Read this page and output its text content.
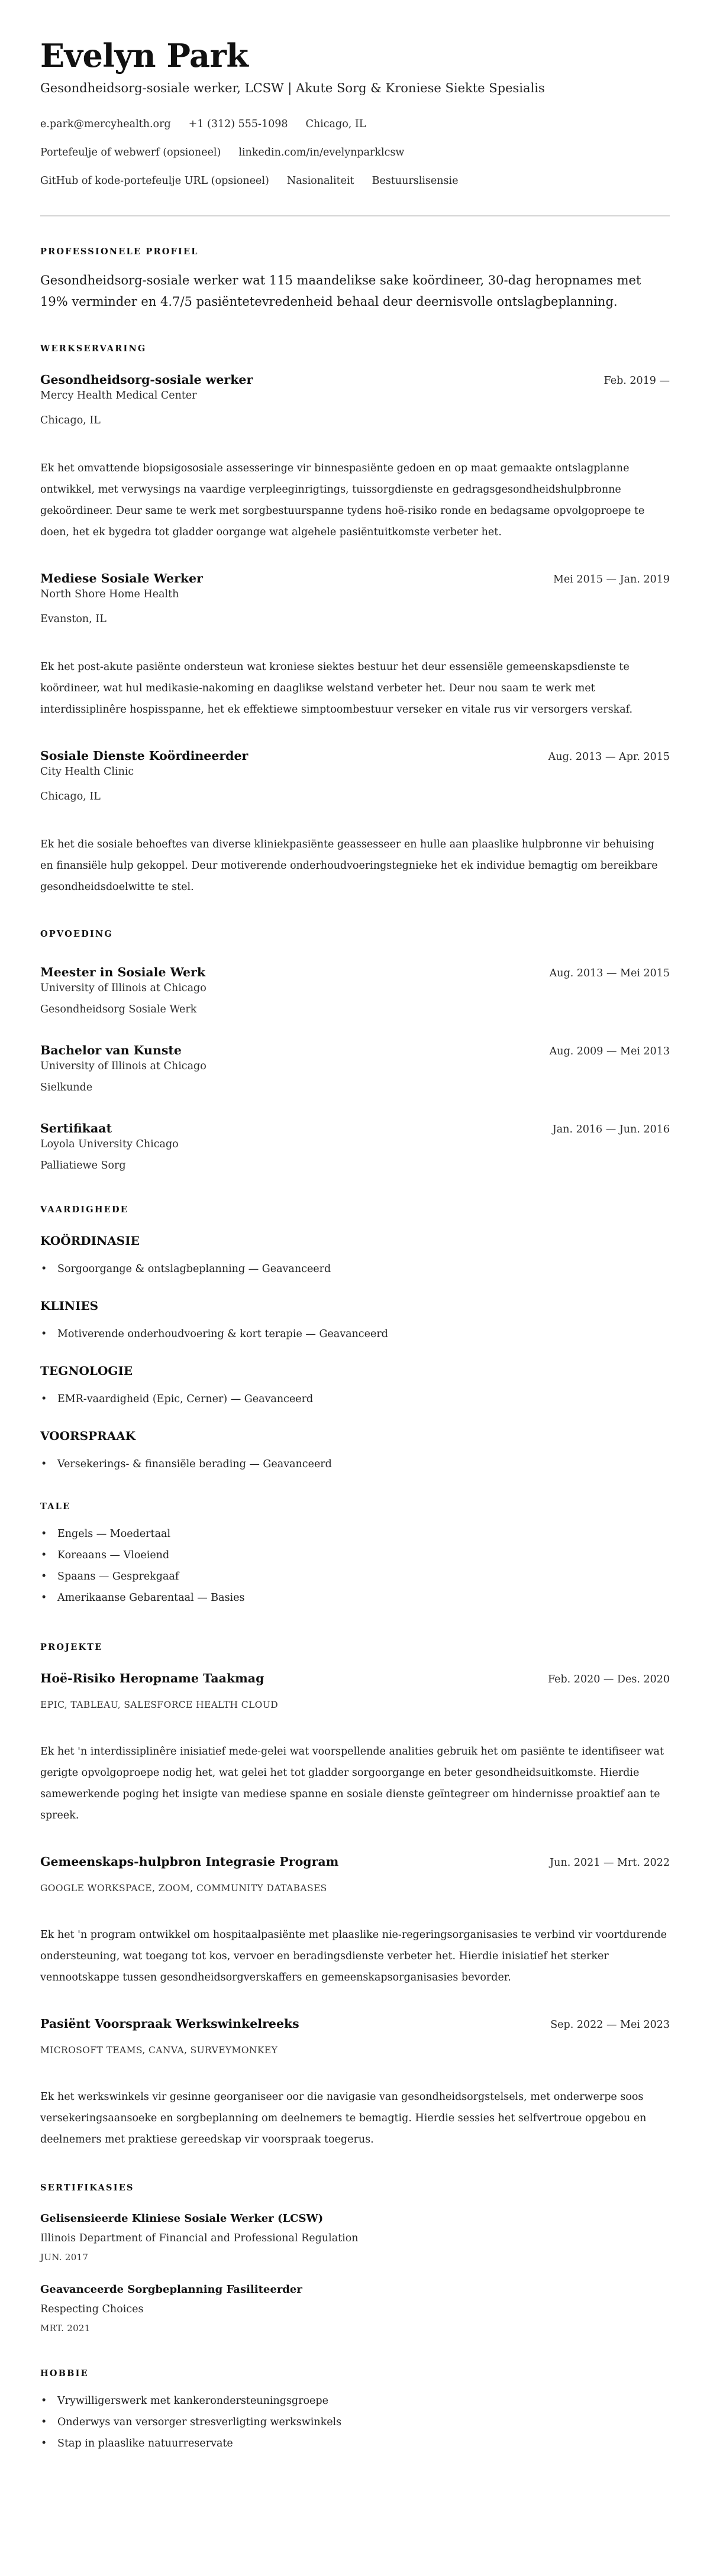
Evelyn Park
Gesondheidsorg-sosiale werker, LCSW | Akute Sorg & Kroniese Siekte Spesialis
e.park@mercyhealth.org +1 (312) 555-1098 Chicago, IL
Portefeulje of webwerf (opsioneel) linkedin.com/in/evelynparklcsw
GitHub of kode-portefeulje URL (opsioneel) Nasionaliteit Bestuurslisensie
PROFESSIONELE PROFIEL

Gesondheidsorg-sosiale werker wat 115 maandelikse sake koördineer, 30-dag heropnames met 19% verminder en 4.7/5 pasiëntetevredenheid behaal deur deernisvolle ontslagbeplanning.

WERKSERVARING
Gesondheidsorg-sosiale werker	Feb. 2019 —
Mercy Health Medical Center
Chicago, IL

Ek het omvattende biopsigososiale assesseringe vir binnespasiënte gedoen en op maat gemaakte ontslagplanne ontwikkel, met verwysings na vaardige verpleeginrigtings, tuissorgdienste en gedragsgesondheidshulpbronne gekoördineer. Deur same te werk met sorgbestuurspanne tydens hoë-risiko ronde en bedagsame opvolgoproepe te doen, het ek bygedra tot gladder oorgange wat algehele pasiëntuitkomste verbeter het.

Mediese Sosiale Werker	Mei 2015 — Jan. 2019
North Shore Home Health
Evanston, IL

Ek het post-akute pasiënte ondersteun wat kroniese siektes bestuur het deur essensiële gemeenskapsdienste te koördineer, wat hul medikasie-nakoming en daaglikse welstand verbeter het. Deur nou saam te werk met interdissiplinêre hospisspanne, het ek effektiewe simptoombestuur verseker en vitale rus vir versorgers verskaf.

Sosiale Dienste Koördineerder	Aug. 2013 — Apr. 2015
City Health Clinic
Chicago, IL

Ek het die sosiale behoeftes van diverse kliniekpasiënte geassesseer en hulle aan plaaslike hulpbronne vir behuising en finansiële hulp gekoppel. Deur motiverende onderhoudvoeringstegnieke het ek individue bemagtig om bereikbare gesondheidsdoelwitte te stel.

OPVOEDING
Meester in Sosiale Werk	Aug. 2013 — Mei 2015
University of Illinois at Chicago
Gesondheidsorg Sosiale Werk
Bachelor van Kunste	Aug. 2009 — Mei 2013
University of Illinois at Chicago
Sielkunde
Sertifikaat	Jan. 2016 — Jun. 2016
Loyola University Chicago
Palliatiewe Sorg
VAARDIGHEDE
KOÖRDINASIE
• Sorgoorgange & ontslagbeplanning — Geavanceerd
KLINIES
• Motiverende onderhoudvoering & kort terapie — Geavanceerd
TEGNOLOGIE
• EMR-vaardigheid (Epic, Cerner) — Geavanceerd
VOORSPRAAK
• Versekerings- & finansiële berading — Geavanceerd
TALE
• Engels — Moedertaal
• Koreaans — Vloeiend
• Spaans — Gesprekgaaf
• Amerikaanse Gebarentaal — Basies
PROJEKTE
Hoë-Risiko Heropname Taakmag	Feb. 2020 — Des. 2020
EPIC, TABLEAU, SALESFORCE HEALTH CLOUD

Ek het 'n interdissiplinêre inisiatief mede-gelei wat voorspellende analities gebruik het om pasiënte te identifiseer wat gerigte opvolgoproepe nodig het, wat gelei het tot gladder sorgoorgange en beter gesondheidsuitkomste. Hierdie samewerkende poging het insigte van mediese spanne en sosiale dienste geïntegreer om hindernisse proaktief aan te spreek.

Gemeenskaps-hulpbron Integrasie Program	Jun. 2021 — Mrt. 2022
GOOGLE WORKSPACE, ZOOM, COMMUNITY DATABASES

Ek het 'n program ontwikkel om hospitaalpasiënte met plaaslike nie-regeringsorganisasies te verbind vir voortdurende ondersteuning, wat toegang tot kos, vervoer en beradingsdienste verbeter het. Hierdie inisiatief het sterker vennootskappe tussen gesondheidsorgverskaffers en gemeenskapsorganisasies bevorder.

Pasiënt Voorspraak Werkswinkelreeks	Sep. 2022 — Mei 2023
MICROSOFT TEAMS, CANVA, SURVEYMONKEY

Ek het werkswinkels vir gesinne georganiseer oor die navigasie van gesondheidsorgstelsels, met onderwerpe soos versekeringsaansoeke en sorgbeplanning om deelnemers te bemagtig. Hierdie sessies het selfvertroue opgebou en deelnemers met praktiese gereedskap vir voorspraak toegerus.

SERTIFIKASIES
Gelisensieerde Kliniese Sosiale Werker (LCSW)
Illinois Department of Financial and Professional Regulation
JUN. 2017
Geavanceerde Sorgbeplanning Fasiliteerder
Respecting Choices
MRT. 2021
HOBBIE
• Vrywilligerswerk met kankerondersteuningsgroepe
• Onderwys van versorger stresverligting werkswinkels
• Stap in plaaslike natuurreservate
